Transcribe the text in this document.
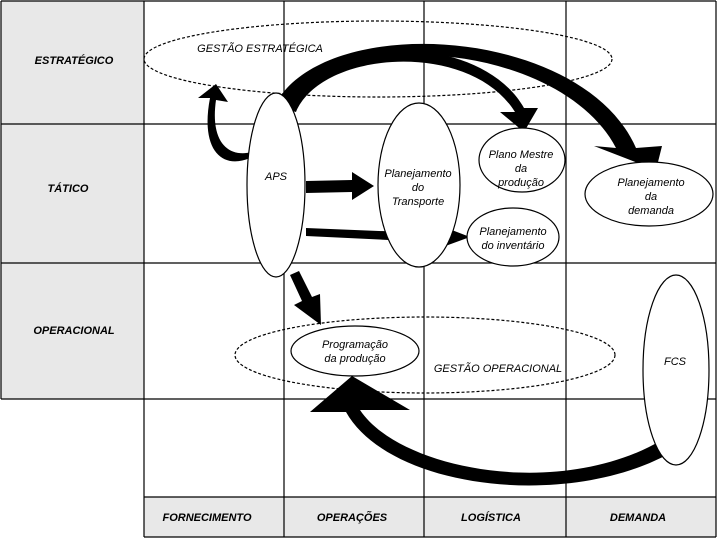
ESTRATÉGICO
TÁTICO
OPERACIONAL
FORNECIMENTO	OPERAÇÕES	LOGÍSTICA	DEMANDA
GESTÃO ESTRATÉGICA
GESTÃO OPERACIONAL
APS	Planejamento
do
Transporte
Plano Mestre
da
produção
Planejamento
do inventário
Planejamento
da
demanda
Programação
da produção	FCS
